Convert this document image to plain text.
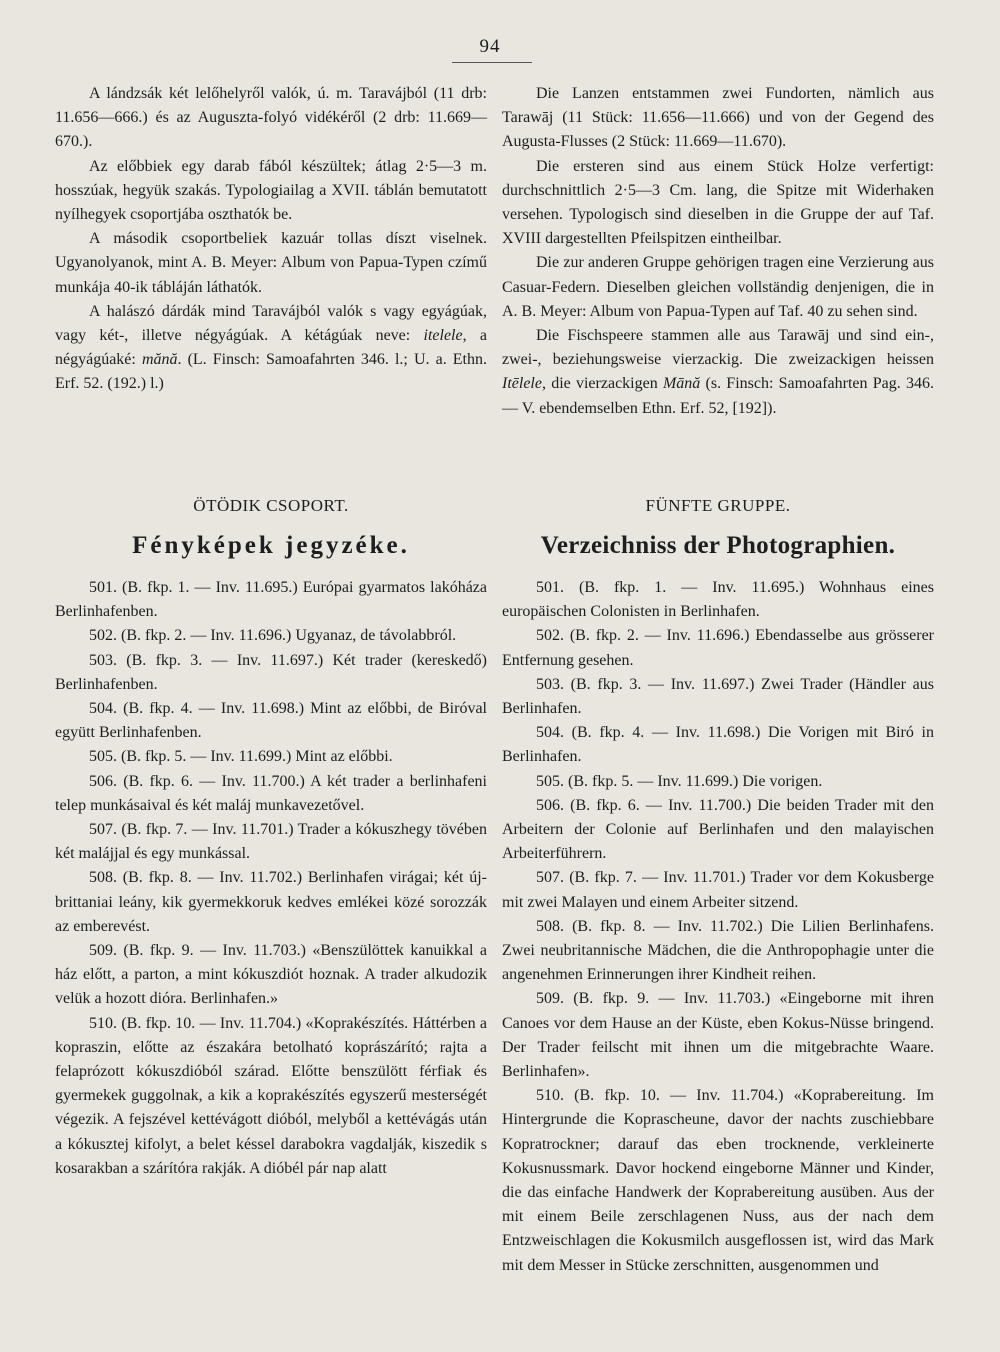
94

A lándzsák két lelőhelyről valók, ú. m. Taravájból (11 drb: 11.656—666.) és az Auguszta-folyó vidékéről (2 drb: 11.669—670.).

Az előbbiek egy darab fából készültek; átlag 2·5—3 m. hosszúak, hegyük szakás. Typologiailag a XVII. táblán bemutatott nyílhegyek csoportjába oszthatók be.

A második csoportbeliek kazuár tollas díszt viselnek. Ugyanolyanok, mint A. B. Meyer: Album von Papua-Typen czímű munkája 40-ik tábláján láthatók.

A halászó dárdák mind Taravájból valók s vagy egyágúak, vagy két-, illetve négyágúak. A kétágúak neve: itelele, a négyágúaké: mănă. (L. Finsch: Samoafahrten 346. l.; U. a. Ethn. Erf. 52. (192.) l.)

Die Lanzen entstammen zwei Fundorten, nämlich aus Tarawāj (11 Stück: 11.656—11.666) und von der Gegend des Augusta-Flusses (2 Stück: 11.669—11.670).

Die ersteren sind aus einem Stück Holze verfertigt: durchschnittlich 2·5—3 Cm. lang, die Spitze mit Widerhaken versehen. Typologisch sind dieselben in die Gruppe der auf Taf. XVIII dargestellten Pfeilspitzen eintheilbar.

Die zur anderen Gruppe gehörigen tragen eine Verzierung aus Casuar-Federn. Dieselben gleichen vollständig denjenigen, die in A. B. Meyer: Album von Papua-Typen auf Taf. 40 zu sehen sind.

Die Fischspeere stammen alle aus Tarawāj und sind ein-, zwei-, beziehungsweise vierzackig. Die zweizackigen heissen Itēlele, die vierzackigen Mānă (s. Finsch: Samoafahrten Pag. 346. — V. ebendemselben Ethn. Erf. 52, [192]).

ÖTÖDIK CSOPORT.
Fényképek jegyzéke.
FÜNFTE GRUPPE.
Verzeichniss der Photographien.

501. (B. fkp. 1. — Inv. 11.695.) Európai gyarmatos lakóháza Berlinhafenben.

502. (B. fkp. 2. — Inv. 11.696.) Ugyanaz, de távolabbról.

503. (B. fkp. 3. — Inv. 11.697.) Két trader (kereskedő) Berlinhafenben.

504. (B. fkp. 4. — Inv. 11.698.) Mint az előbbi, de Biróval együtt Berlinhafenben.

505. (B. fkp. 5. — Inv. 11.699.) Mint az előbbi.

506. (B. fkp. 6. — Inv. 11.700.) A két trader a berlinhafeni telep munkásaival és két maláj munkavezetővel.

507. (B. fkp. 7. — Inv. 11.701.) Trader a kókuszhegy tövében két malájjal és egy munkással.

508. (B. fkp. 8. — Inv. 11.702.) Berlinhafen virágai; két új-brittaniai leány, kik gyermekkoruk kedves emlékei közé sorozzák az emberevést.

509. (B. fkp. 9. — Inv. 11.703.) «Benszülöttek kanuikkal a ház előtt, a parton, a mint kókuszdiót hoznak. A trader alkudozik velük a hozott dióra. Berlinhafen.»

510. (B. fkp. 10. — Inv. 11.704.) «Koprakészítés. Háttérben a kopraszin, előtte az északára betolható koprászárító; rajta a felaprózott kókuszdióból szárad. Előtte benszülött férfiak és gyermekek guggolnak, a kik a koprakészítés egyszerű mesterségét végezik. A fejszével kettévágott dióból, melyből a kettévágás után a kókusztej kifolyt, a belet késsel darabokra vagdalják, kiszedik s kosarakban a szárítóra rakják. A dióbél pár nap alatt

501. (B. fkp. 1. — Inv. 11.695.) Wohnhaus eines europäischen Colonisten in Berlinhafen.

502. (B. fkp. 2. — Inv. 11.696.) Ebendasselbe aus grösserer Entfernung gesehen.

503. (B. fkp. 3. — Inv. 11.697.) Zwei Trader (Händler aus Berlinhafen.

504. (B. fkp. 4. — Inv. 11.698.) Die Vorigen mit Biró in Berlinhafen.

505. (B. fkp. 5. — Inv. 11.699.) Die vorigen.

506. (B. fkp. 6. — Inv. 11.700.) Die beiden Trader mit den Arbeitern der Colonie auf Berlinhafen und den malayischen Arbeiterführern.

507. (B. fkp. 7. — Inv. 11.701.) Trader vor dem Kokusberge mit zwei Malayen und einem Arbeiter sitzend.

508. (B. fkp. 8. — Inv. 11.702.) Die Lilien Berlinhafens. Zwei neubritannische Mädchen, die die Anthropophagie unter die angenehmen Erinnerungen ihrer Kindheit reihen.

509. (B. fkp. 9. — Inv. 11.703.) «Eingeborne mit ihren Canoes vor dem Hause an der Küste, eben Kokus-Nüsse bringend. Der Trader feilscht mit ihnen um die mitgebrachte Waare. Berlinhafen».

510. (B. fkp. 10. — Inv. 11.704.) «Koprabereitung. Im Hintergrunde die Koprascheune, davor der nachts zuschiebbare Kopratrockner; darauf das eben trocknende, verkleinerte Kokusnussmark. Davor hockend eingeborne Männer und Kinder, die das einfache Handwerk der Koprabereitung ausüben. Aus der mit einem Beile zerschlagenen Nuss, aus der nach dem Entzweischlagen die Kokusmilch ausgeflossen ist, wird das Mark mit dem Messer in Stücke zerschnitten, ausgenommen und
